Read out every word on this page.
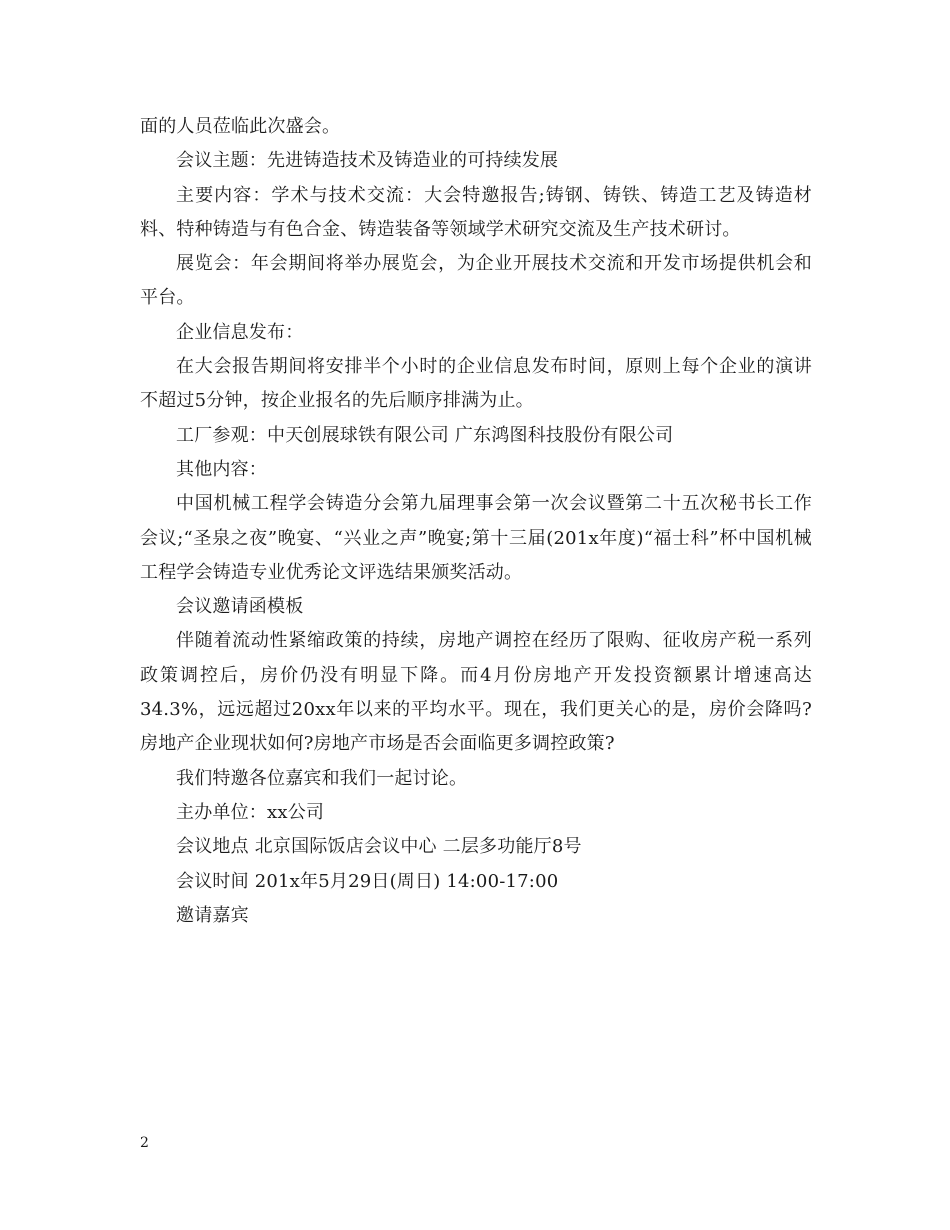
面的人员莅临此次盛会。

会议主题：先进铸造技术及铸造业的可持续发展

主要内容：学术与技术交流：大会特邀报告;铸钢、铸铁、铸造工艺及铸造材料、特种铸造与有色合金、铸造装备等领域学术研究交流及生产技术研讨。

展览会：年会期间将举办展览会，为企业开展技术交流和开发市场提供机会和平台。

企业信息发布：

在大会报告期间将安排半个小时的企业信息发布时间，原则上每个企业的演讲不超过5分钟，按企业报名的先后顺序排满为止。

工厂参观：中天创展球铁有限公司 广东鸿图科技股份有限公司

其他内容：

中国机械工程学会铸造分会第九届理事会第一次会议暨第二十五次秘书长工作会议;“圣泉之夜”晚宴、“兴业之声”晚宴;第十三届(201x年度)“福士科”杯中国机械工程学会铸造专业优秀论文评选结果颁奖活动。

会议邀请函模板

伴随着流动性紧缩政策的持续，房地产调控在经历了限购、征收房产税一系列政策调控后，房价仍没有明显下降。而4月份房地产开发投资额累计增速高达34.3%，远远超过20xx年以来的平均水平。现在，我们更关心的是，房价会降吗?房地产企业现状如何?房地产市场是否会面临更多调控政策?

我们特邀各位嘉宾和我们一起讨论。

主办单位：xx公司

会议地点 北京国际饭店会议中心 二层多功能厅8号

会议时间 201x年5月29日(周日) 14:00-17:00

邀请嘉宾

2
